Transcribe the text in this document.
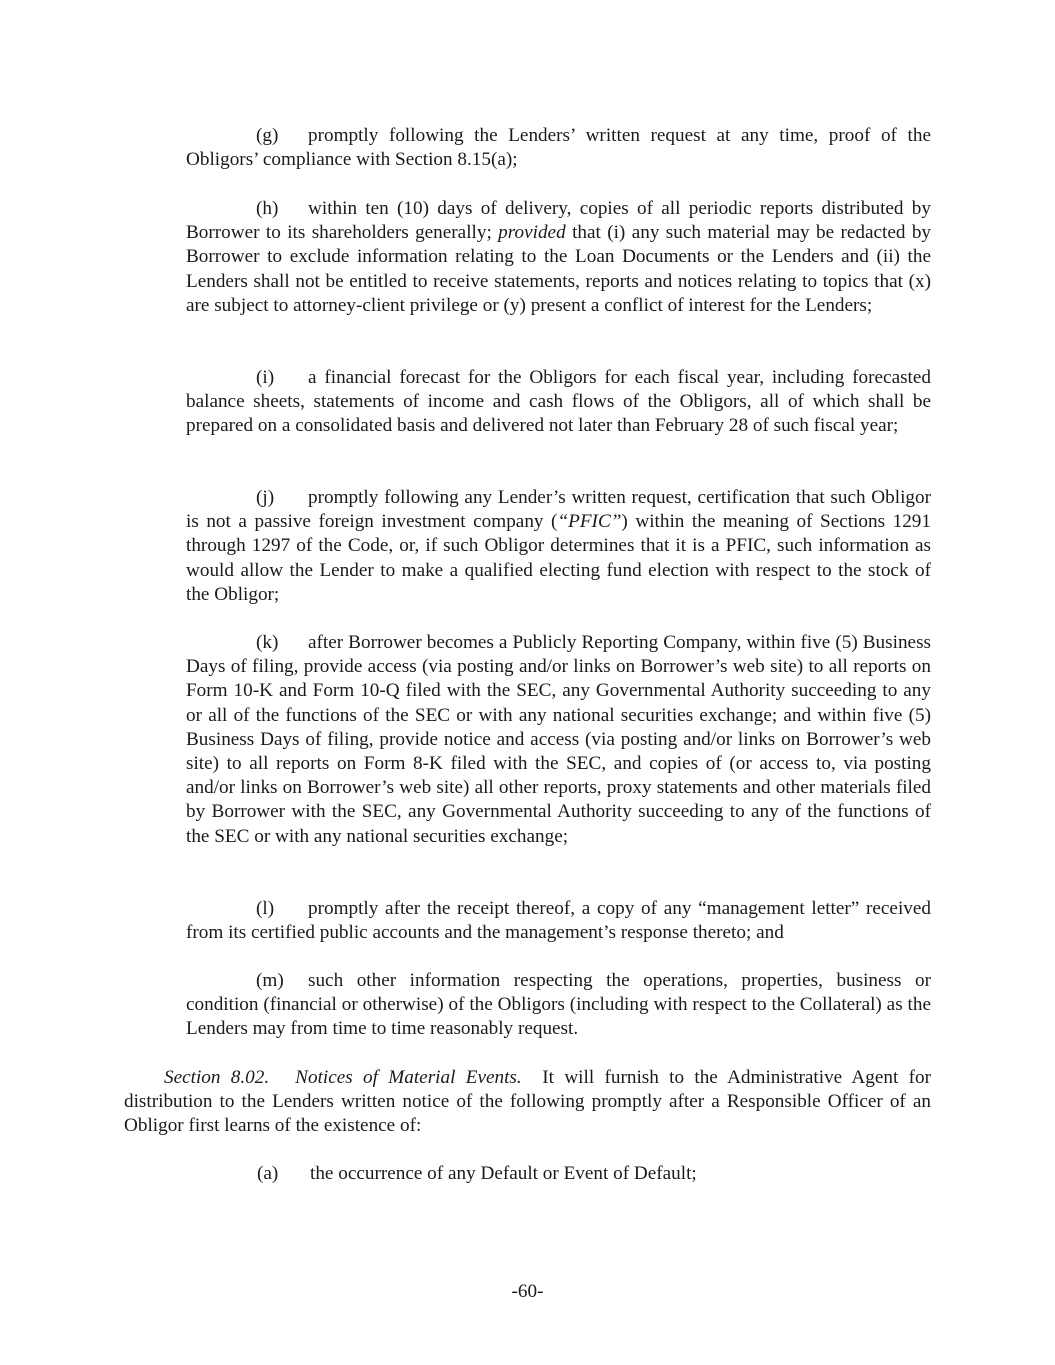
(g) promptly following the Lenders’ written request at any time, proof of the Obligors’ compliance with Section 8.15(a);

(h) within ten (10) days of delivery, copies of all periodic reports distributed by Borrower to its shareholders generally; provided that (i) any such material may be redacted by Borrower to exclude information relating to the Loan Documents or the Lenders and (ii) the Lenders shall not be entitled to receive statements, reports and notices relating to topics that (x) are subject to attorney-client privilege or (y) present a conflict of interest for the Lenders;

(i) a financial forecast for the Obligors for each fiscal year, including forecasted balance sheets, statements of income and cash flows of the Obligors, all of which shall be prepared on a consolidated basis and delivered not later than February 28 of such fiscal year;

(j) promptly following any Lender’s written request, certification that such Obligor is not a passive foreign investment company (“PFIC”) within the meaning of Sections 1291 through 1297 of the Code, or, if such Obligor determines that it is a PFIC, such information as would allow the Lender to make a qualified electing fund election with respect to the stock of the Obligor;

(k) after Borrower becomes a Publicly Reporting Company, within five (5) Business Days of filing, provide access (via posting and/or links on Borrower’s web site) to all reports on Form 10-K and Form 10-Q filed with the SEC, any Governmental Authority succeeding to any or all of the functions of the SEC or with any national securities exchange; and within five (5) Business Days of filing, provide notice and access (via posting and/or links on Borrower’s web site) to all reports on Form 8-K filed with the SEC, and copies of (or access to, via posting and/or links on Borrower’s web site) all other reports, proxy statements and other materials filed by Borrower with the SEC, any Governmental Authority succeeding to any of the functions of the SEC or with any national securities exchange;

(l) promptly after the receipt thereof, a copy of any “management letter” received from its certified public accounts and the management’s response thereto; and

(m) such other information respecting the operations, properties, business or condition (financial or otherwise) of the Obligors (including with respect to the Collateral) as the Lenders may from time to time reasonably request.

Section 8.02. Notices of Material Events. It will furnish to the Administrative Agent for distribution to the Lenders written notice of the following promptly after a Responsible Officer of an Obligor first learns of the existence of:

(a) the occurrence of any Default or Event of Default;

-60-
